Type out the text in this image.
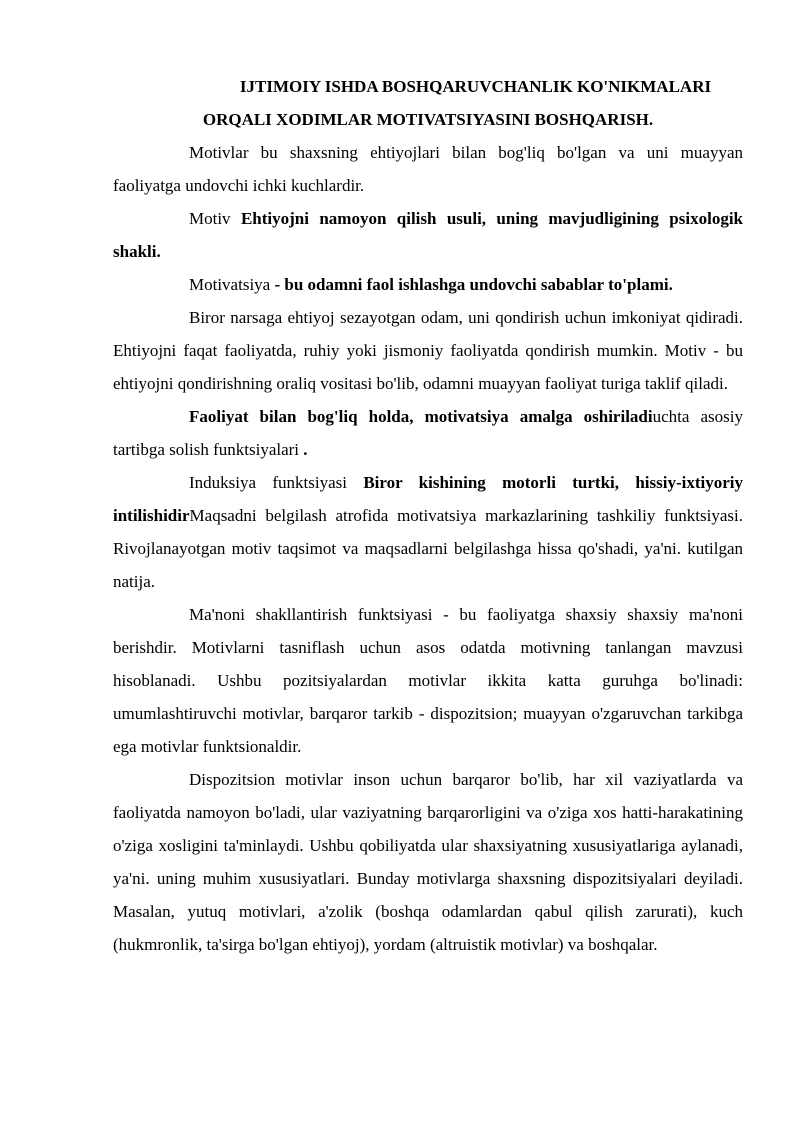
IJTIMOIY ISHDA BOSHQARUVCHANLIK KO'NIKMALARI
ORQALI XODIMLAR MOTIVATSIYASINI BOSHQARISH.

Motivlar bu shaxsning ehtiyojlari bilan bog'liq bo'lgan va uni muayyan faoliyatga undovchi ichki kuchlardir.

Motiv Ehtiyojni namoyon qilish usuli, uning mavjudligining psixologik shakli.

Motivatsiya - bu odamni faol ishlashga undovchi sabablar to'plami.

Biror narsaga ehtiyoj sezayotgan odam, uni qondirish uchun imkoniyat qidiradi. Ehtiyojni faqat faoliyatda, ruhiy yoki jismoniy faoliyatda qondirish mumkin. Motiv - bu ehtiyojni qondirishning oraliq vositasi bo'lib, odamni muayyan faoliyat turiga taklif qiladi.

Faoliyat bilan bog'liq holda, motivatsiya amalga oshiriladiuchta asosiy tartibga solish funktsiyalari .

Induksiya funktsiyasi Biror kishining motorli turtki, hissiy-ixtiyoriy intilishidirMaqsadni belgilash atrofida motivatsiya markazlarining tashkiliy funktsiyasi. Rivojlanayotgan motiv taqsimot va maqsadlarni belgilashga hissa qo'shadi, ya'ni. kutilgan natija.

Ma'noni shakllantirish funktsiyasi - bu faoliyatga shaxsiy shaxsiy ma'noni berishdir. Motivlarni tasniflash uchun asos odatda motivning tanlangan mavzusi hisoblanadi. Ushbu pozitsiyalardan motivlar ikkita katta guruhga bo'linadi: umumlashtiruvchi motivlar, barqaror tarkib - dispozitsion; muayyan o'zgaruvchan tarkibga ega motivlar funktsionaldir.

Dispozitsion motivlar inson uchun barqaror bo'lib, har xil vaziyatlarda va faoliyatda namoyon bo'ladi, ular vaziyatning barqarorligini va o'ziga xos hatti-harakatining o'ziga xosligini ta'minlaydi. Ushbu qobiliyatda ular shaxsiyatning xususiyatlariga aylanadi, ya'ni. uning muhim xususiyatlari. Bunday motivlarga shaxsning dispozitsiyalari deyiladi. Masalan, yutuq motivlari, a'zolik (boshqa odamlardan qabul qilish zarurati), kuch (hukmronlik, ta'sirga bo'lgan ehtiyoj), yordam (altruistik motivlar) va boshqalar.
